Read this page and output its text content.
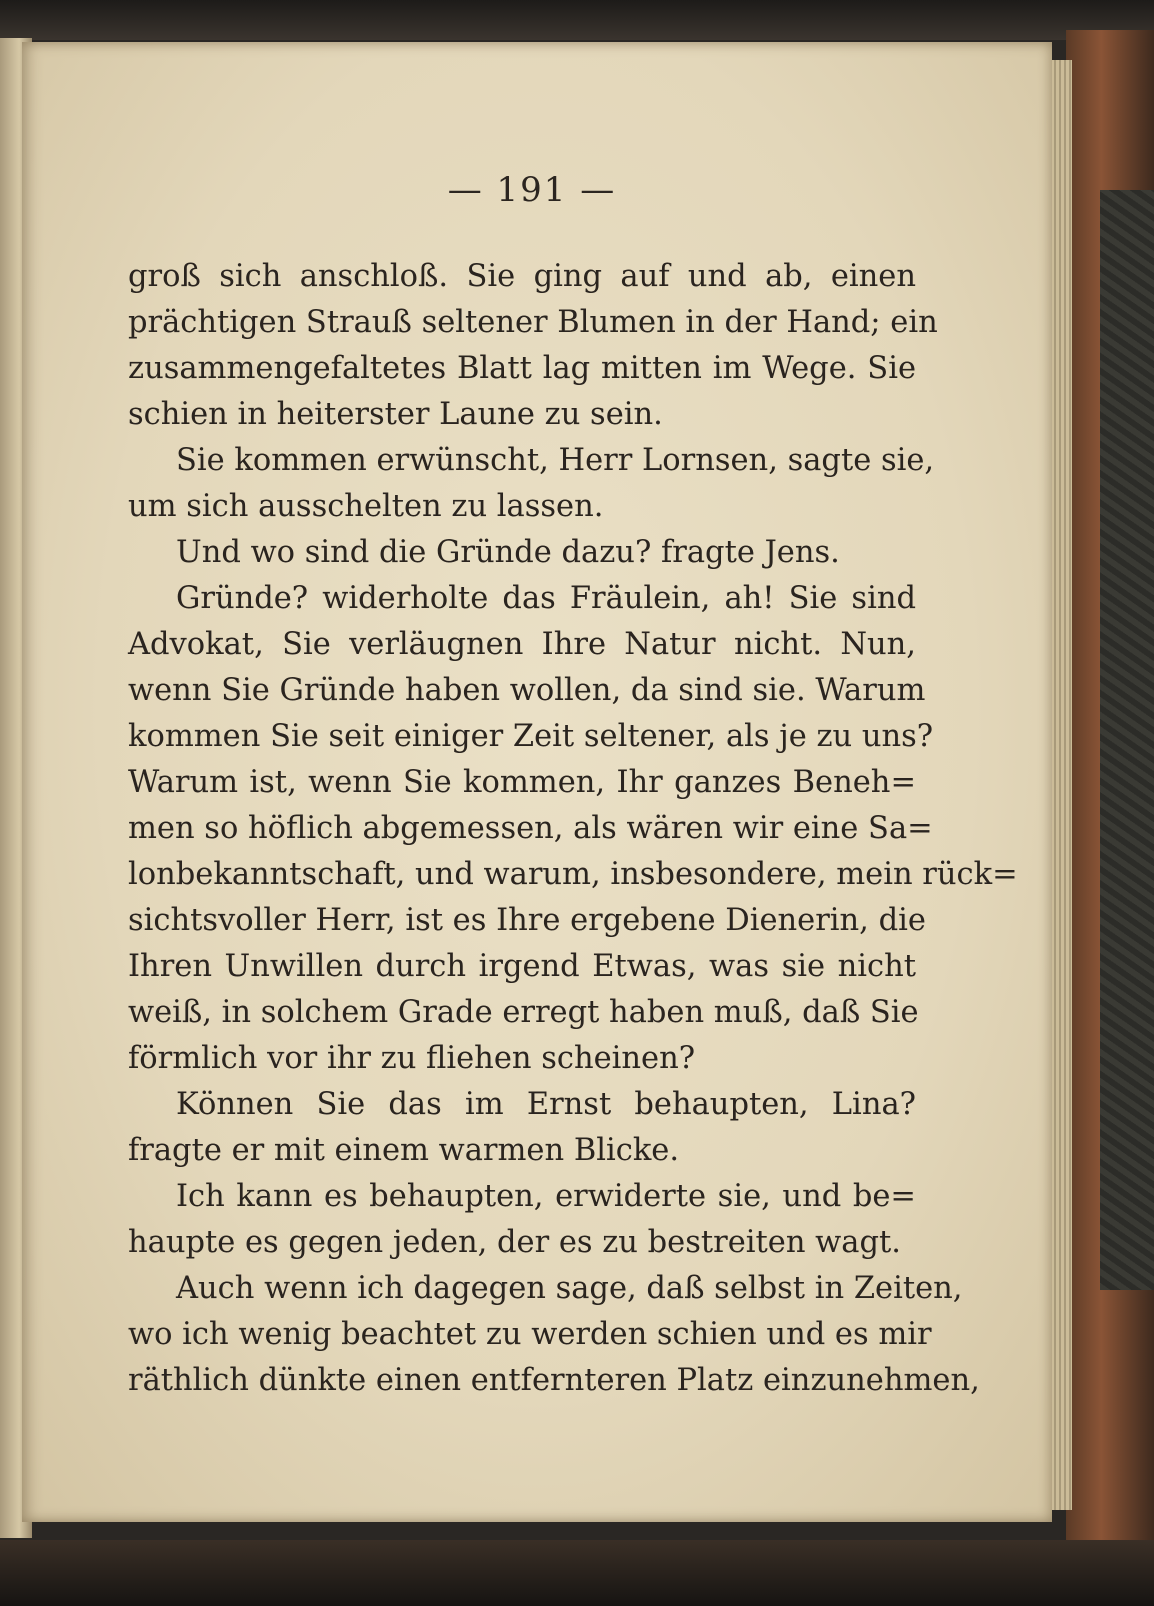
— 191 —
groß sich anschloß. Sie ging auf und ab, einen
prächtigen Strauß seltener Blumen in der Hand; ein
zusammengefaltetes Blatt lag mitten im Wege. Sie
schien in heiterster Laune zu sein.
Sie kommen erwünscht, Herr Lornsen, sagte sie,
um sich ausschelten zu lassen.
Und wo sind die Gründe dazu? fragte Jens.
Gründe? widerholte das Fräulein, ah! Sie sind
Advokat, Sie verläugnen Ihre Natur nicht. Nun,
wenn Sie Gründe haben wollen, da sind sie. Warum
kommen Sie seit einiger Zeit seltener, als je zu uns?
Warum ist, wenn Sie kommen, Ihr ganzes Beneh=
men so höflich abgemessen, als wären wir eine Sa=
lonbekanntschaft, und warum, insbesondere, mein rück=
sichtsvoller Herr, ist es Ihre ergebene Dienerin, die
Ihren Unwillen durch irgend Etwas, was sie nicht
weiß, in solchem Grade erregt haben muß, daß Sie
förmlich vor ihr zu fliehen scheinen?
Können Sie das im Ernst behaupten, Lina?
fragte er mit einem warmen Blicke.
Ich kann es behaupten, erwiderte sie, und be=
haupte es gegen jeden, der es zu bestreiten wagt.
Auch wenn ich dagegen sage, daß selbst in Zeiten,
wo ich wenig beachtet zu werden schien und es mir
räthlich dünkte einen entfernteren Platz einzunehmen,
